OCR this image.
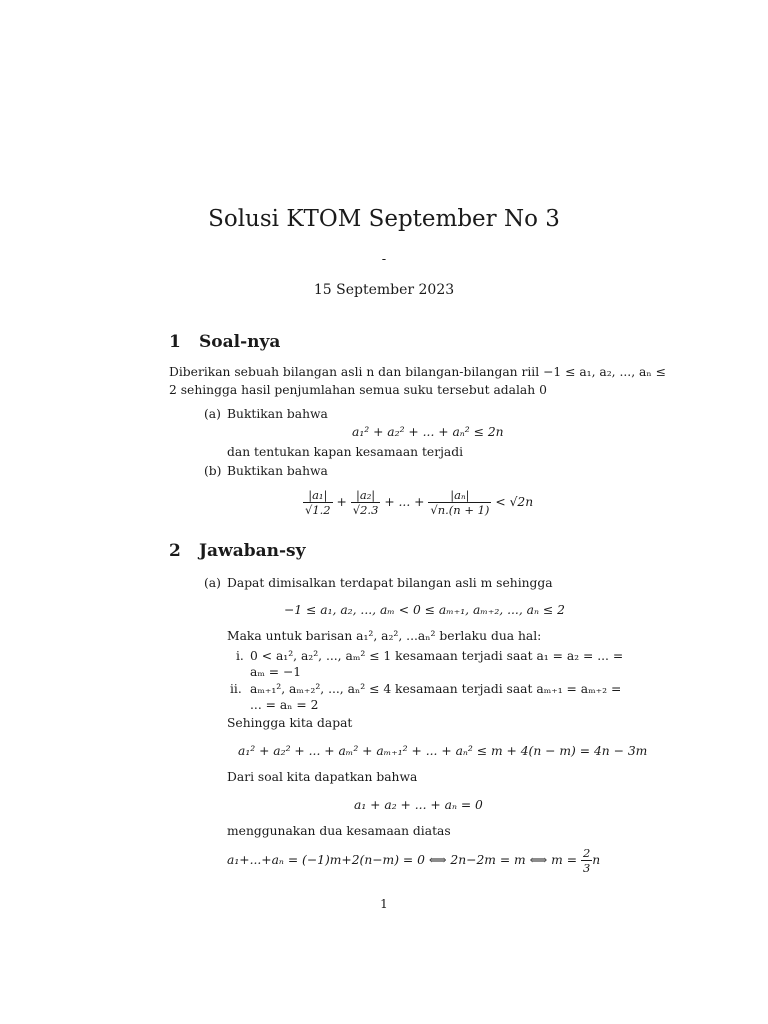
Solusi KTOM September No 3
-
15 September 2023
1 Soal-nya
Diberikan sebuah bilangan asli n dan bilangan-bilangan riil −1 ≤ a₁, a₂, ..., aₙ ≤
2 sehingga hasil penjumlahan semua suku tersebut adalah 0
(a) Buktikan bahwa
a₁² + a₂² + ... + aₙ² ≤ 2n
dan tentukan kapan kesamaan terjadi
(b) Buktikan bahwa
$\frac{\text{|a₁|}}{√1.2} + \frac{\text{|a₂|}}{√2.3}$ + ... + $\frac{\text{|aₙ|}}{√n.(n + 1)} < √2n$
2 Jawaban-sy
(a) Dapat dimisalkan terdapat bilangan asli m sehingga
−1 ≤ a₁, a₂, ..., aₘ < 0 ≤ aₘ₊₁, aₘ₊₂, ..., aₙ ≤ 2
Maka untuk barisan a₁², a₂², ...aₙ² berlaku dua hal:
i. 0 < a₁², a₂², ..., aₘ² ≤ 1 kesamaan terjadi saat a₁ = a₂ = ... =
aₘ = −1
ii. aₘ₊₁², aₘ₊₂², ..., aₙ² ≤ 4 kesamaan terjadi saat aₘ₊₁ = aₘ₊₂ =
... = aₙ = 2
Sehingga kita dapat
a₁² + a₂² + ... + aₘ² + aₘ₊₁² + ... + aₙ² ≤ m + 4(n − m) = 4n − 3m
Dari soal kita dapatkan bahwa
a₁ + a₂ + ... + aₙ = 0
menggunakan dua kesamaan diatas
a₁+...+aₙ = (−1)m+2(n−m) = 0 ⟺ 2n−2m = m ⟺ $m = \frac{2}{3}$ n
1
